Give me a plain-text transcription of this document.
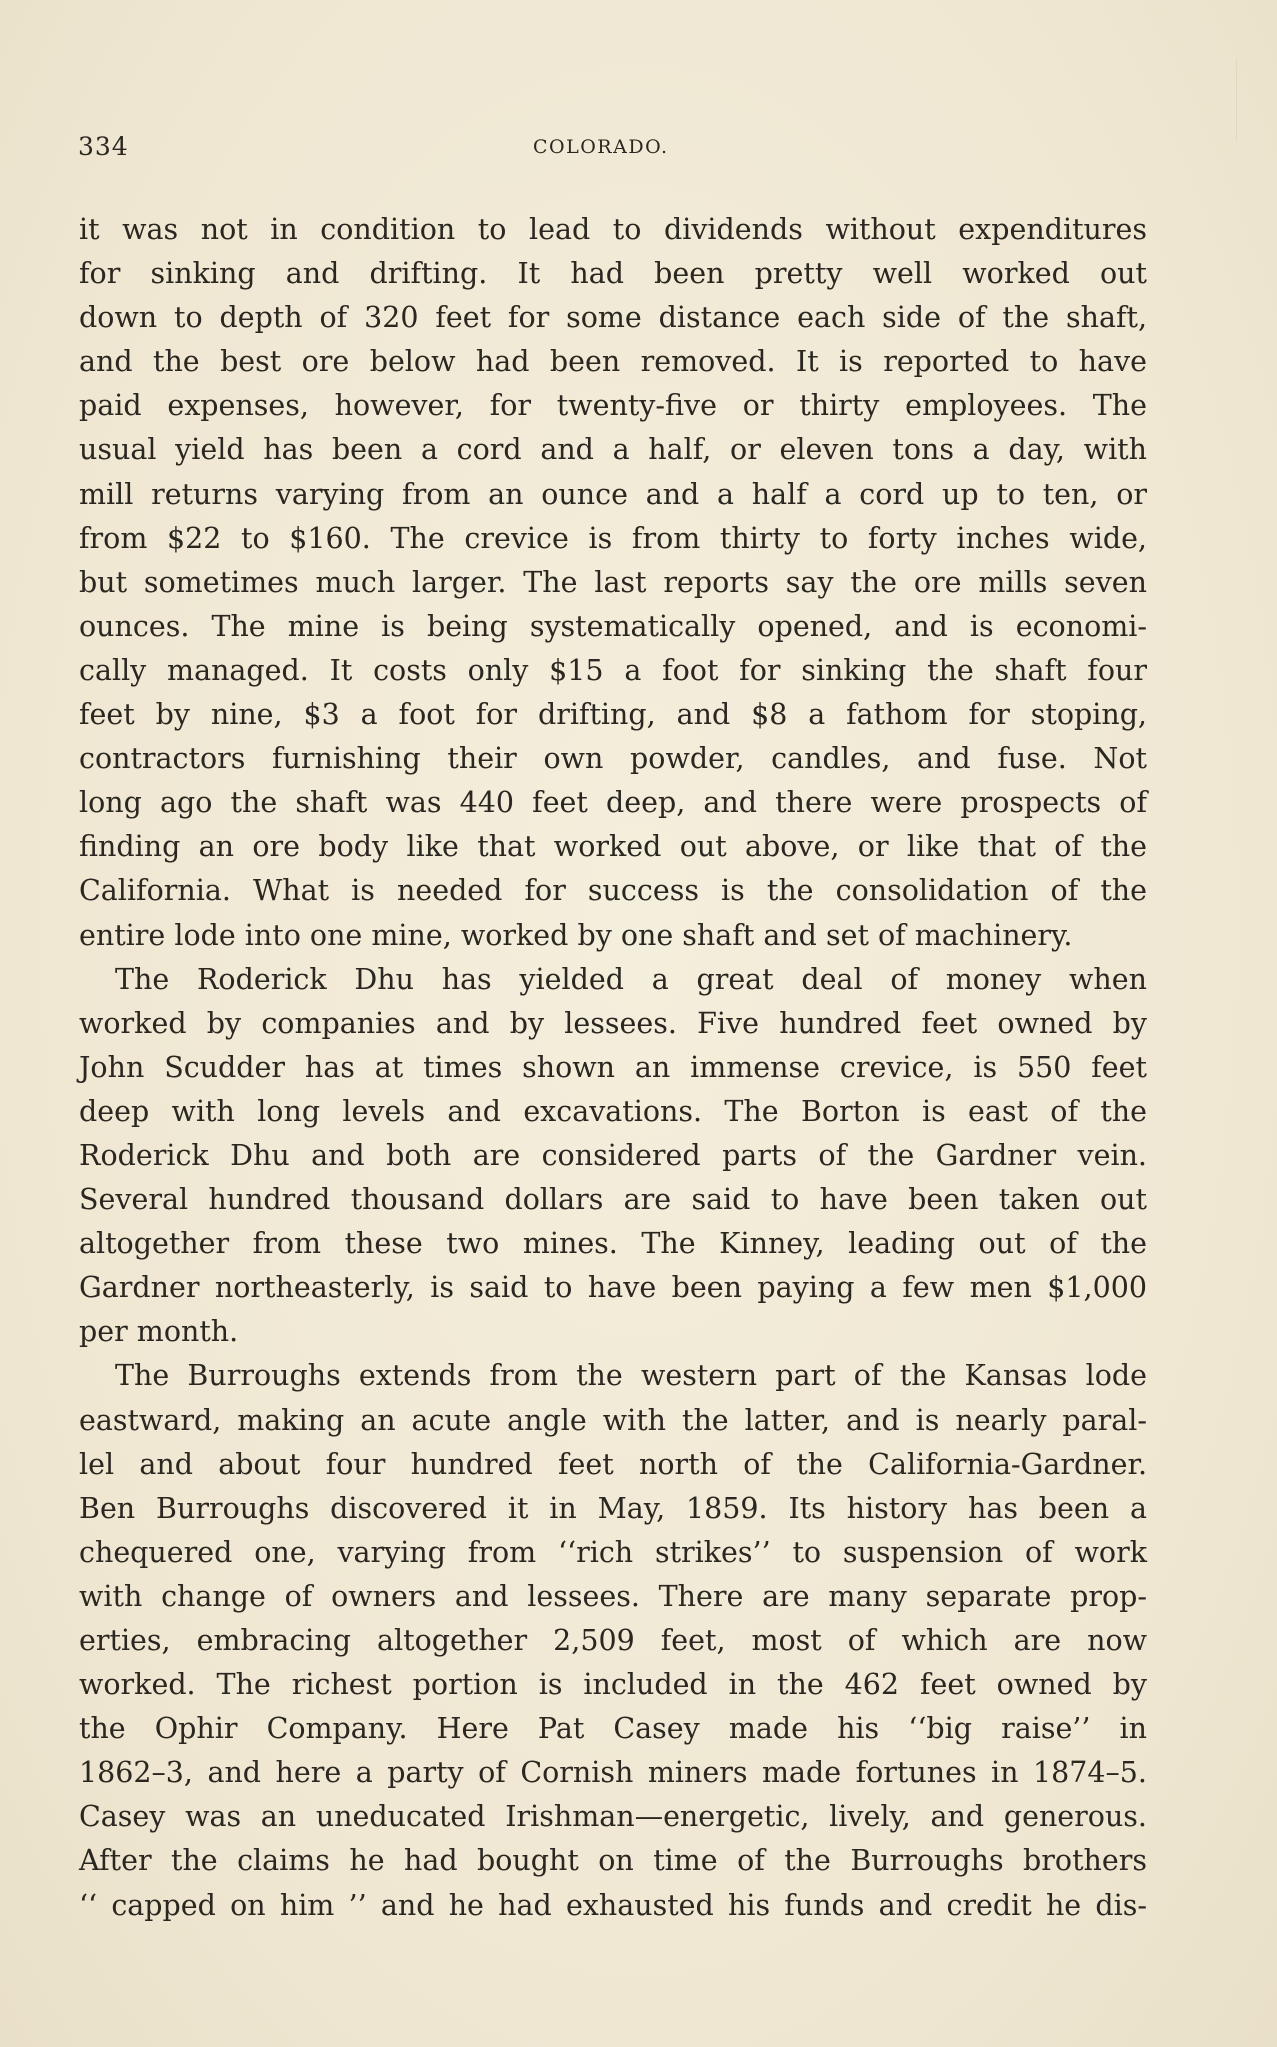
334	COLORADO.
it was not in condition to lead to dividends without expenditures
for sinking and drifting. It had been pretty well worked out
down to depth of 320 feet for some distance each side of the shaft,
and the best ore below had been removed. It is reported to have
paid expenses, however, for twenty-five or thirty employees. The
usual yield has been a cord and a half, or eleven tons a day, with
mill returns varying from an ounce and a half a cord up to ten, or
from $22 to $160. The crevice is from thirty to forty inches wide,
but sometimes much larger. The last reports say the ore mills seven
ounces. The mine is being systematically opened, and is economi-
cally managed. It costs only $15 a foot for sinking the shaft four
feet by nine, $3 a foot for drifting, and $8 a fathom for stoping,
contractors furnishing their own powder, candles, and fuse. Not
long ago the shaft was 440 feet deep, and there were prospects of
finding an ore body like that worked out above, or like that of the
California. What is needed for success is the consolidation of the
entire lode into one mine, worked by one shaft and set of machinery.
The Roderick Dhu has yielded a great deal of money when
worked by companies and by lessees. Five hundred feet owned by
John Scudder has at times shown an immense crevice, is 550 feet
deep with long levels and excavations. The Borton is east of the
Roderick Dhu and both are considered parts of the Gardner vein.
Several hundred thousand dollars are said to have been taken out
altogether from these two mines. The Kinney, leading out of the
Gardner northeasterly, is said to have been paying a few men $1,000
per month.
The Burroughs extends from the western part of the Kansas lode
eastward, making an acute angle with the latter, and is nearly paral-
lel and about four hundred feet north of the California-Gardner.
Ben Burroughs discovered it in May, 1859. Its history has been a
chequered one, varying from ‘‘rich strikes’’ to suspension of work
with change of owners and lessees. There are many separate prop-
erties, embracing altogether 2,509 feet, most of which are now
worked. The richest portion is included in the 462 feet owned by
the Ophir Company. Here Pat Casey made his ‘‘big raise’’ in
1862–3, and here a party of Cornish miners made fortunes in 1874–5.
Casey was an uneducated Irishman—energetic, lively, and generous.
After the claims he had bought on time of the Burroughs brothers
‘‘ capped on him ’’ and he had exhausted his funds and credit he dis-
